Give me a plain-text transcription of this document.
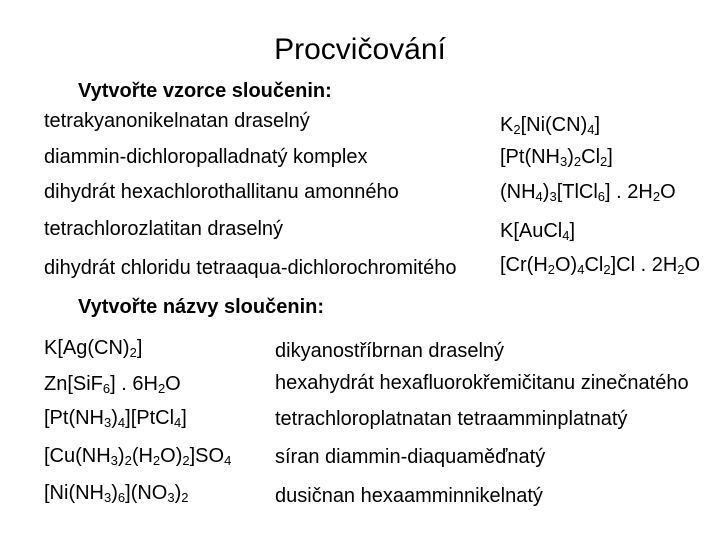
Procvičování
Vytvořte vzorce sloučenin:
tetrakyanonikelnatan draselný	$K_2[Ni(CN)_4]$
diammin-dichloropalladnatý komplex	$[Pt(NH_3)_2Cl_2]$
dihydrát hexachlorothallitanu amonného	$(NH_4)_3[TlCl_6]$ . $2H_2O$
tetrachlorozlatitan draselný	K[AuCl$_4$]
dihydrát chloridu tetraaqua-dichlorochromitého $[Cr(H_2O)_4Cl_2]Cl$ . $2H_2O$
Vytvořte názvy sloučenin:
$K[Ag(CN)_2]$	dikyanostříbrnan draselný
Zn[SiF$_6$] . $6H_2O$	hexahydrát hexafluorokřemičitanu zinečnatého
$[Pt(NH_3)_4][PtCl_4]$	tetrachloroplatnatan tetraamminplatnatý
$[Cu(NH_3)_2(H_2O)_2]SO_4$ síran diammin-diaquaměďnatý
$[Ni(NH_3)_6](NO_3)_2$	dusičnan hexaamminnikelnatý
